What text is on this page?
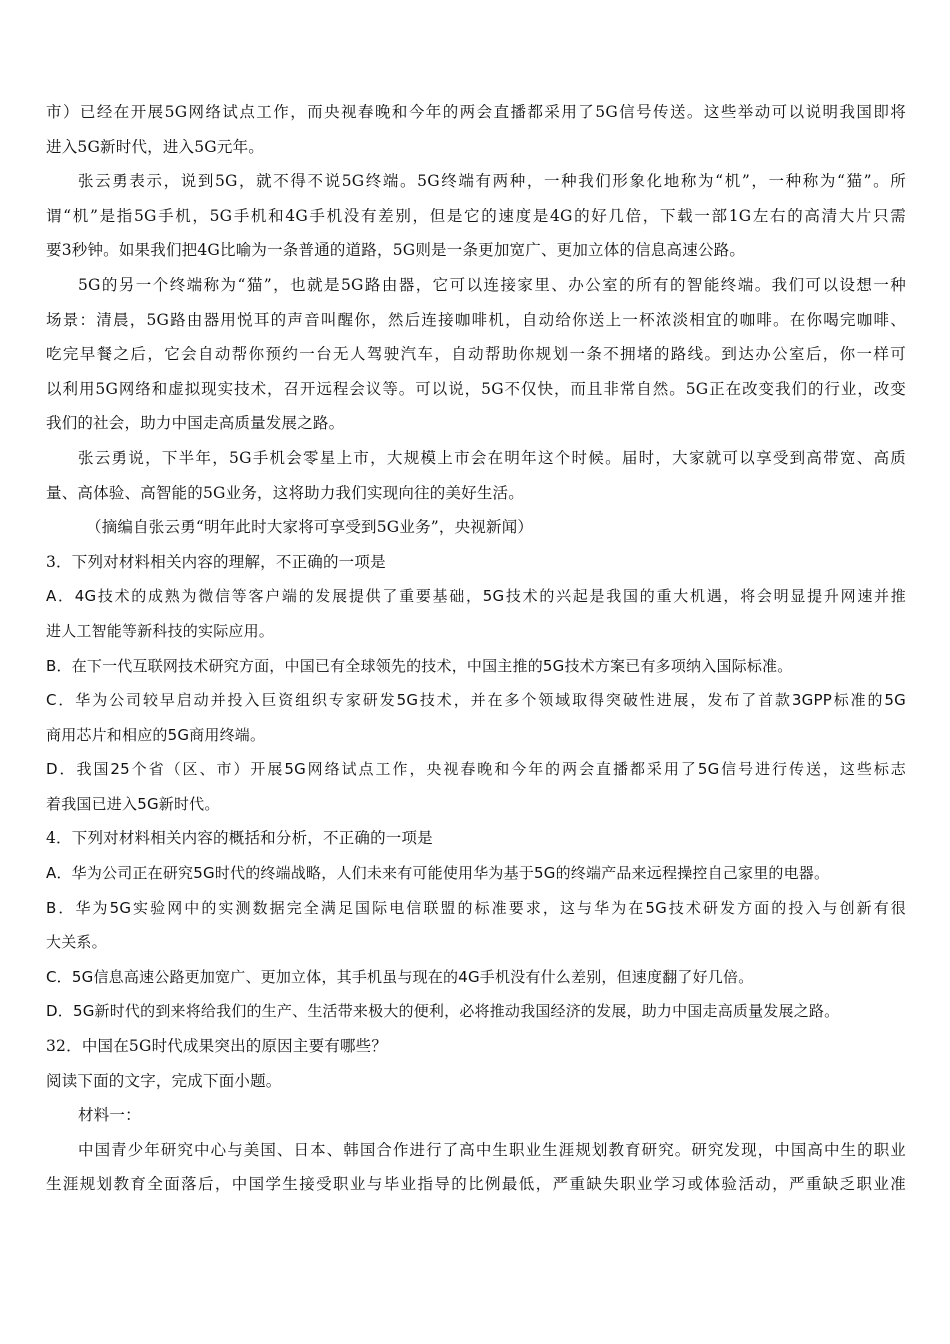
市）已经在开展5G网络试点工作，而央视春晚和今年的两会直播都采用了5G信号传送。这些举动可以说明我国即将
进入5G新时代，进入5G元年。
张云勇表示，说到5G，就不得不说5G终端。5G终端有两种，一种我们形象化地称为“机”，一种称为“猫”。所
谓“机”是指5G手机，5G手机和4G手机没有差别，但是它的速度是4G的好几倍，下载一部1G左右的高清大片只需
要3秒钟。如果我们把4G比喻为一条普通的道路，5G则是一条更加宽广、更加立体的信息高速公路。
5G的另一个终端称为“猫”，也就是5G路由器，它可以连接家里、办公室的所有的智能终端。我们可以设想一种
场景：清晨，5G路由器用悦耳的声音叫醒你，然后连接咖啡机，自动给你送上一杯浓淡相宜的咖啡。在你喝完咖啡、
吃完早餐之后，它会自动帮你预约一台无人驾驶汽车，自动帮助你规划一条不拥堵的路线。到达办公室后，你一样可
以利用5G网络和虚拟现实技术，召开远程会议等。可以说，5G不仅快，而且非常自然。5G正在改变我们的行业，改变
我们的社会，助力中国走高质量发展之路。
张云勇说，下半年，5G手机会零星上市，大规模上市会在明年这个时候。届时，大家就可以享受到高带宽、高质
量、高体验、高智能的5G业务，这将助力我们实现向往的美好生活。
（摘编自张云勇“明年此时大家将可享受到5G业务”，央视新闻）
3．下列对材料相关内容的理解，不正确的一项是
A．4G技术的成熟为微信等客户端的发展提供了重要基础，5G技术的兴起是我国的重大机遇，将会明显提升网速并推
进人工智能等新科技的实际应用。
B．在下一代互联网技术研究方面，中国已有全球领先的技术，中国主推的5G技术方案已有多项纳入国际标准。
C．华为公司较早启动并投入巨资组织专家研发5G技术，并在多个领域取得突破性进展，发布了首款3GPP标准的5G
商用芯片和相应的5G商用终端。
D．我国25个省（区、市）开展5G网络试点工作，央视春晚和今年的两会直播都采用了5G信号进行传送，这些标志
着我国已进入5G新时代。
4．下列对材料相关内容的概括和分析，不正确的一项是
A．华为公司正在研究5G时代的终端战略，人们未来有可能使用华为基于5G的终端产品来远程操控自己家里的电器。
B．华为5G实验网中的实测数据完全满足国际电信联盟的标准要求，这与华为在5G技术研发方面的投入与创新有很
大关系。
C．5G信息高速公路更加宽广、更加立体，其手机虽与现在的4G手机没有什么差别，但速度翻了好几倍。
D．5G新时代的到来将给我们的生产、生活带来极大的便利，必将推动我国经济的发展，助力中国走高质量发展之路。
32．中国在5G时代成果突出的原因主要有哪些？
阅读下面的文字，完成下面小题。
材料一：
中国青少年研究中心与美国、日本、韩国合作进行了高中生职业生涯规划教育研究。研究发现，中国高中生的职业
生涯规划教育全面落后，中国学生接受职业与毕业指导的比例最低，严重缺失职业学习或体验活动，严重缺乏职业准
